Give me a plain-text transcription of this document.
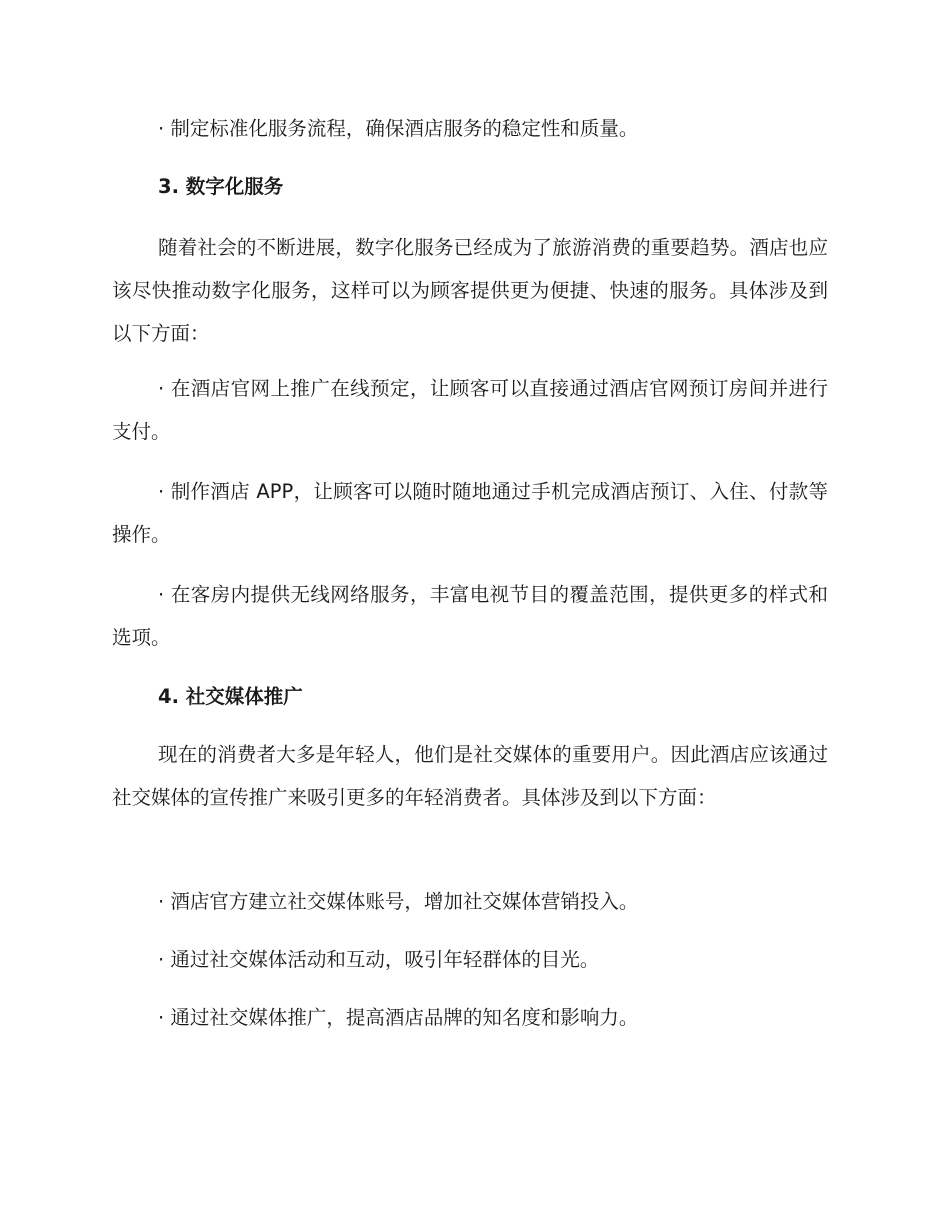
· 制定标准化服务流程，确保酒店服务的稳定性和质量。
3. 数字化服务
随着社会的不断进展，数字化服务已经成为了旅游消费的重要趋势。酒店也应该尽快推动数字化服务，这样可以为顾客提供更为便捷、快速的服务。具体涉及到以下方面：
· 在酒店官网上推广在线预定，让顾客可以直接通过酒店官网预订房间并进行支付。
· 制作酒店 APP，让顾客可以随时随地通过手机完成酒店预订、入住、付款等操作。
· 在客房内提供无线网络服务，丰富电视节目的覆盖范围，提供更多的样式和选项。
4. 社交媒体推广
现在的消费者大多是年轻人，他们是社交媒体的重要用户。因此酒店应该通过社交媒体的宣传推广来吸引更多的年轻消费者。具体涉及到以下方面：
· 酒店官方建立社交媒体账号，增加社交媒体营销投入。
· 通过社交媒体活动和互动，吸引年轻群体的目光。
· 通过社交媒体推广，提高酒店品牌的知名度和影响力。
